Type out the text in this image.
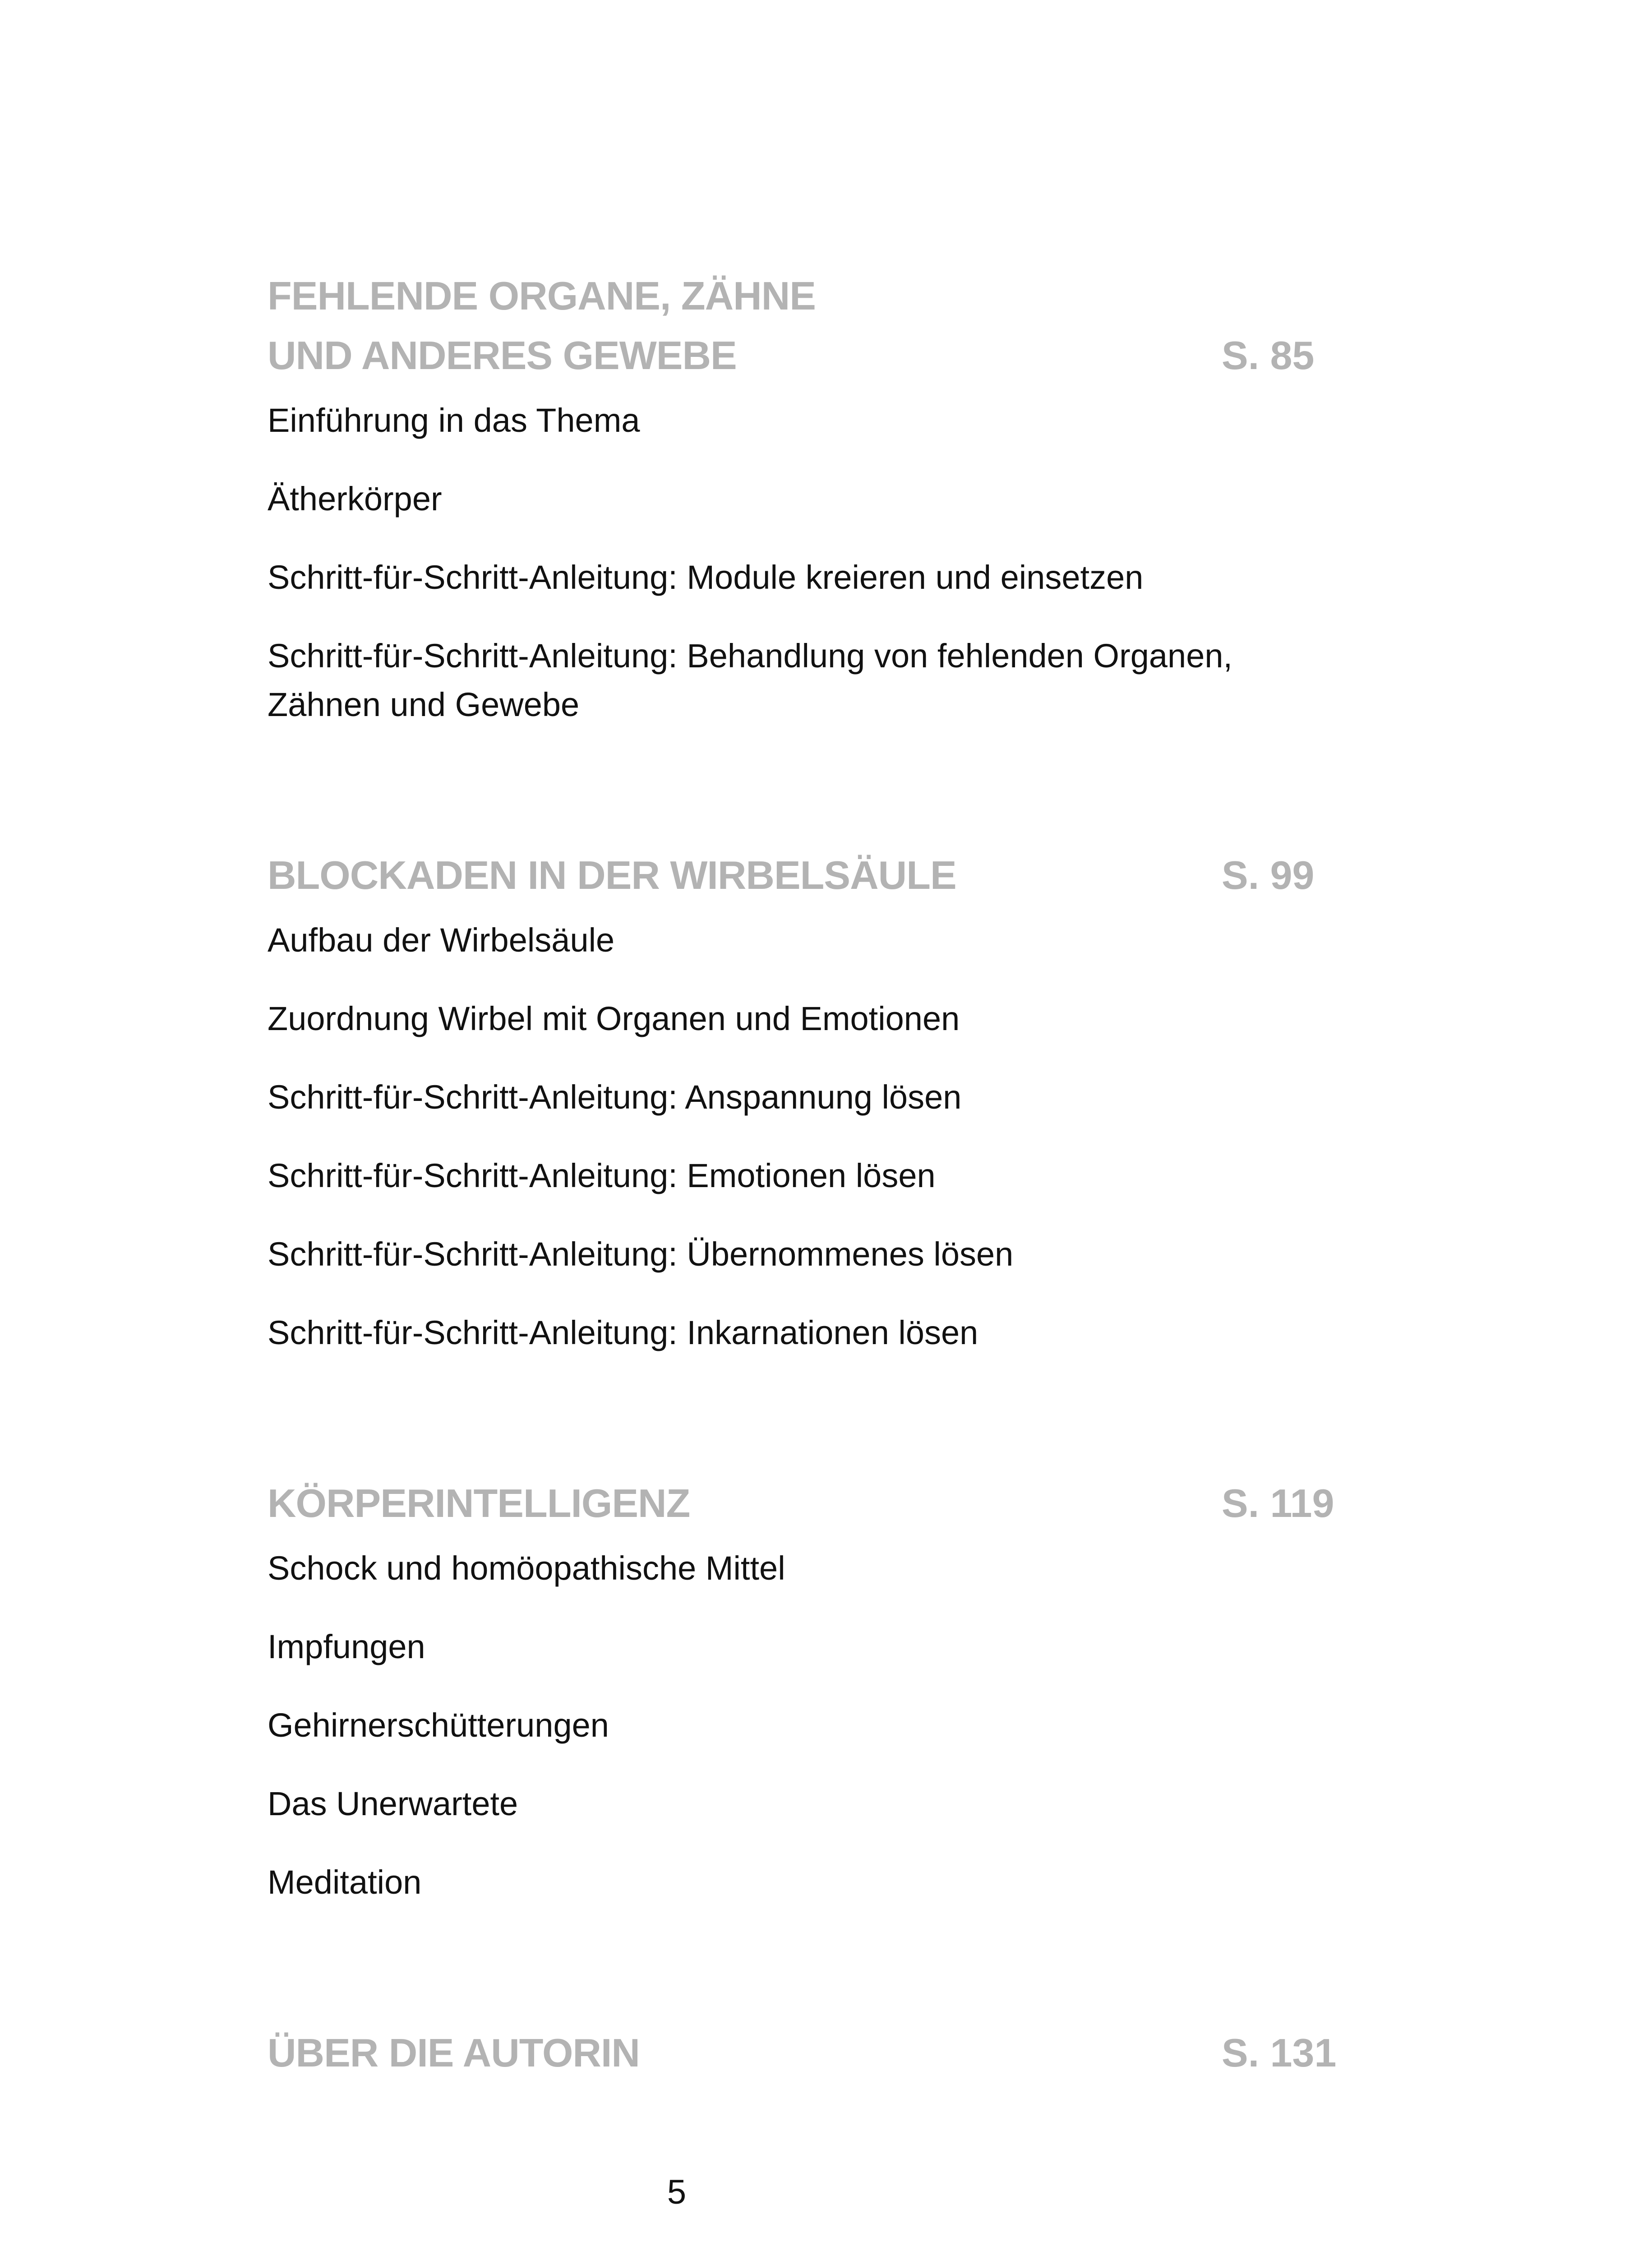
FEHLENDE ORGANE, ZÄHNE
UND ANDERES GEWEBE	S. 85
Einführung in das Thema
Ätherkörper
Schritt-für-Schritt-Anleitung: Module kreieren und einsetzen
Schritt-für-Schritt-Anleitung: Behandlung von fehlenden Organen,
Zähnen und Gewebe
BLOCKADEN IN DER WIRBELSÄULE	S. 99
Aufbau der Wirbelsäule
Zuordnung Wirbel mit Organen und Emotionen
Schritt-für-Schritt-Anleitung: Anspannung lösen
Schritt-für-Schritt-Anleitung: Emotionen lösen
Schritt-für-Schritt-Anleitung: Übernommenes lösen
Schritt-für-Schritt-Anleitung: Inkarnationen lösen
KÖRPERINTELLIGENZ	S. 119
Schock und homöopathische Mittel
Impfungen
Gehirnerschütterungen
Das Unerwartete
Meditation
ÜBER DIE AUTORIN	S. 131
5
